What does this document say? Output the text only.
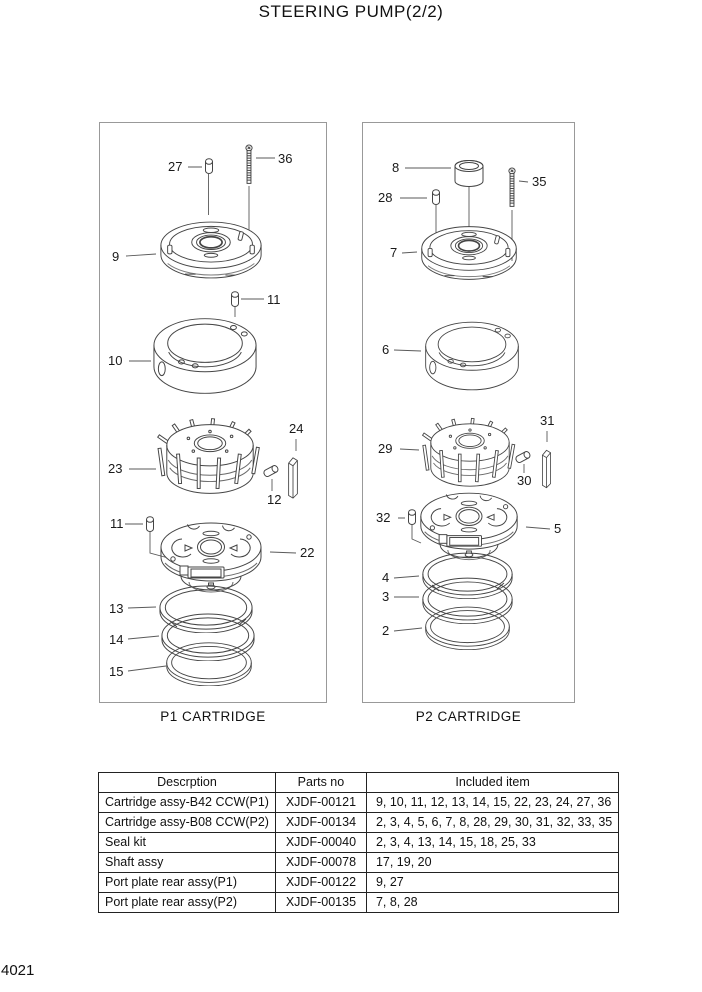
STEERING PUMP(2/2)
27
36
9
11
10
23
12
24
11
22
13
14
15
8
35
28
7
6
29
31
30
32
5
4
3
2
P1 CARTRIDGE	P2 CARTRIDGE
Descrption	Parts no	Included item
Cartridge assy-B42 CCW(P1)	XJDF-00121	9, 10, 11, 12, 13, 14, 15, 22, 23, 24, 27, 36
Cartridge assy-B08 CCW(P2)	XJDF-00134	2, 3, 4, 5, 6, 7, 8, 28, 29, 30, 31, 32, 33, 35
Seal kit	XJDF-00040	2, 3, 4, 13, 14, 15, 18, 25, 33
Shaft assy	XJDF-00078	17, 19, 20
Port plate rear assy(P1)	XJDF-00122	9, 27
Port plate rear assy(P2)	XJDF-00135	7, 8, 28
4021
